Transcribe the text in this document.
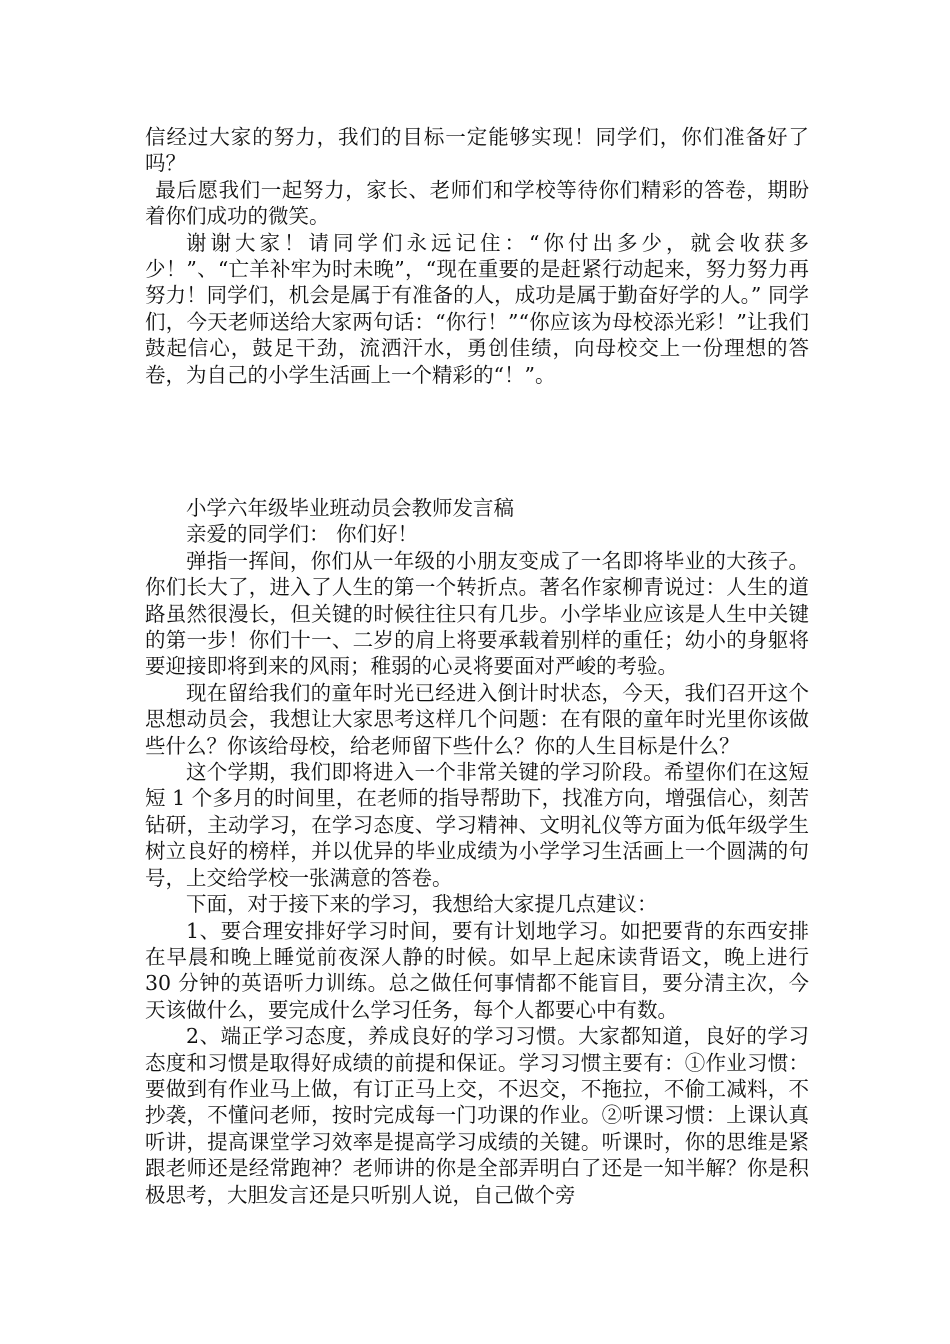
信经过大家的努力，我们的目标一定能够实现！同学们，你们准备好了吗？

最后愿我们一起努力，家长、老师们和学校等待你们精彩的答卷，期盼着你们成功的微笑。

谢谢大家！请同学们永远记住：“你付出多少，就会收获多少！”、“亡羊补牢为时未晚”，“现在重要的是赶紧行动起来，努力努力再努力！同学们，机会是属于有准备的人，成功是属于勤奋好学的人。” 同学们，今天老师送给大家两句话：“你行！”“你应该为母校添光彩！”让我们鼓起信心，鼓足干劲，流洒汗水，勇创佳绩，向母校交上一份理想的答卷，为自己的小学生活画上一个精彩的“！”。

小学六年级毕业班动员会教师发言稿

亲爱的同学们： 你们好！

弹指一挥间，你们从一年级的小朋友变成了一名即将毕业的大孩子。你们长大了，进入了人生的第一个转折点。著名作家柳青说过：人生的道路虽然很漫长，但关键的时候往往只有几步。小学毕业应该是人生中关键的第一步！你们十一、二岁的肩上将要承载着别样的重任；幼小的身躯将要迎接即将到来的风雨；稚弱的心灵将要面对严峻的考验。

现在留给我们的童年时光已经进入倒计时状态，今天，我们召开这个思想动员会，我想让大家思考这样几个问题：在有限的童年时光里你该做些什么？你该给母校，给老师留下些什么？你的人生目标是什么？

这个学期，我们即将进入一个非常关键的学习阶段。希望你们在这短短 1 个多月的时间里，在老师的指导帮助下，找准方向，增强信心，刻苦钻研，主动学习，在学习态度、学习精神、文明礼仪等方面为低年级学生树立良好的榜样，并以优异的毕业成绩为小学学习生活画上一个圆满的句号，上交给学校一张满意的答卷。

下面，对于接下来的学习，我想给大家提几点建议：

1、要合理安排好学习时间，要有计划地学习。如把要背的东西安排在早晨和晚上睡觉前夜深人静的时候。如早上起床读背语文，晚上进行 30 分钟的英语听力训练。总之做任何事情都不能盲目，要分清主次，今天该做什么，要完成什么学习任务，每个人都要心中有数。

2、端正学习态度，养成良好的学习习惯。大家都知道，良好的学习态度和习惯是取得好成绩的前提和保证。学习习惯主要有：①作业习惯：要做到有作业马上做，有订正马上交，不迟交，不拖拉，不偷工减料，不抄袭，不懂问老师，按时完成每一门功课的作业。②听课习惯：上课认真听讲，提高课堂学习效率是提高学习成绩的关键。听课时，你的思维是紧跟老师还是经常跑神？老师讲的你是全部弄明白了还是一知半解？你是积极思考，大胆发言还是只听别人说，自己做个旁
